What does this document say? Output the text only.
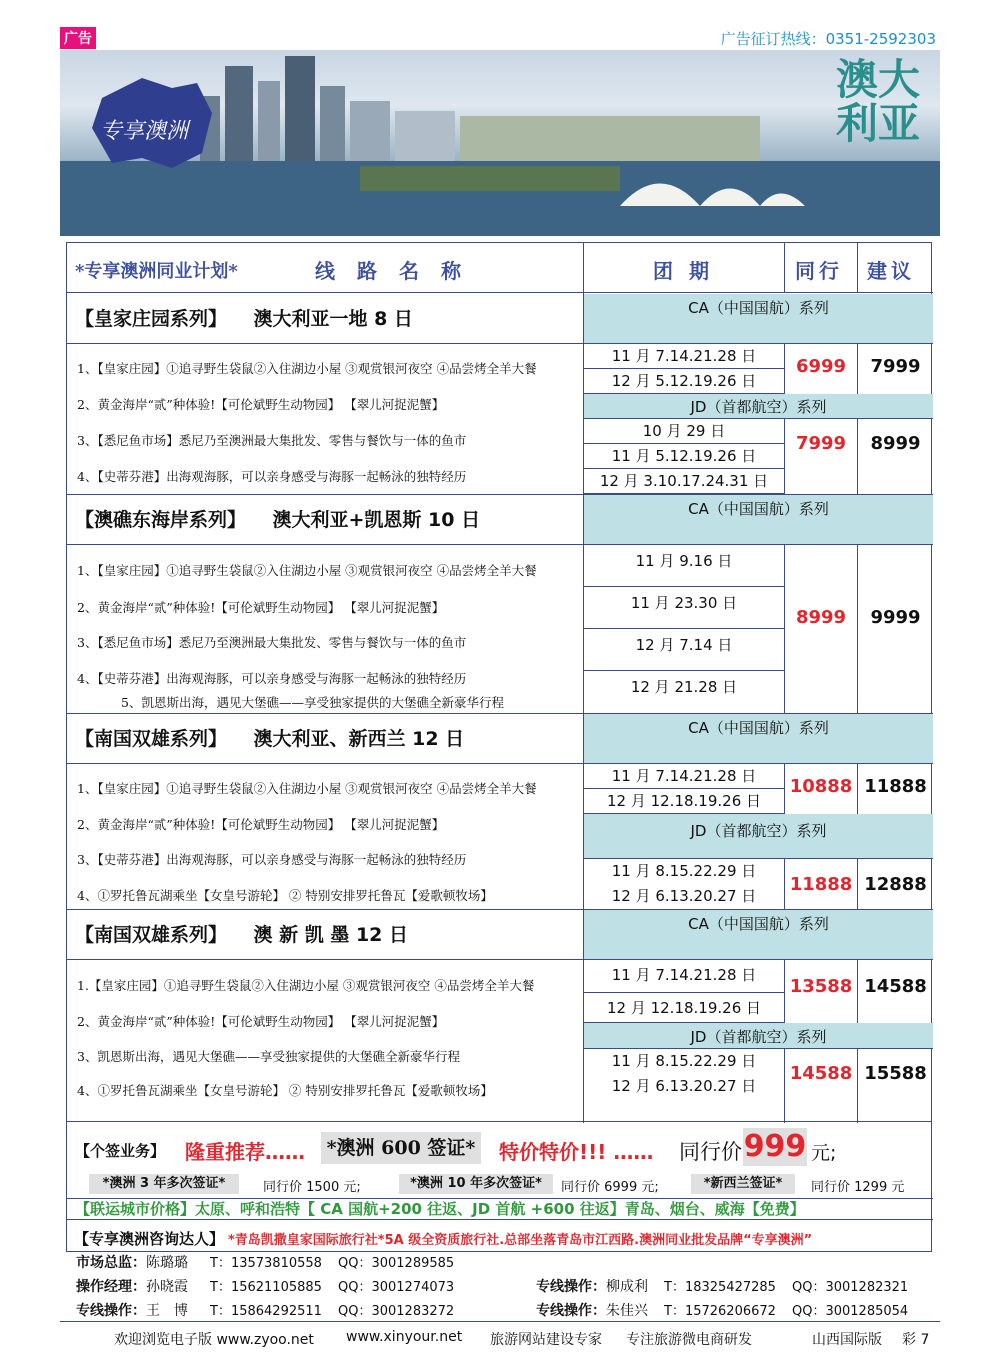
广告	广告征订热线：0351-2592303
专享澳洲
澳大利亚
*专享澳洲同业计划*	线路名称	团期	同行 建议
【皇家庄园系列】 澳大利亚一地 8 日	CA（中国国航）系列
1、【皇家庄园】①追寻野生袋鼠②入住湖边小屋 ③观赏银河夜空 ④品尝烤全羊大餐
2、黄金海岸“贰”种体验!【可伦斌野生动物园】 【翠儿河捉泥蟹】
3、【悉尼鱼市场】悉尼乃至澳洲最大集批发、零售与餐饮与一体的鱼市
4、【史蒂芬港】出海观海豚，可以亲身感受与海豚一起畅泳的独特经历
11 月 7.14.21.28 日
12 月 5.12.19.26 日
6999	7999
JD（首都航空）系列
10 月 29 日
11 月 5.12.19.26 日
12 月 3.10.17.24.31 日
7999	8999
【澳礁东海岸系列】 澳大利亚+凯恩斯 10 日	CA（中国国航）系列
1、【皇家庄园】①追寻野生袋鼠②入住湖边小屋 ③观赏银河夜空 ④品尝烤全羊大餐
2、黄金海岸“贰”种体验!【可伦斌野生动物园】 【翠儿河捉泥蟹】
3、【悉尼鱼市场】悉尼乃至澳洲最大集批发、零售与餐饮与一体的鱼市
4、【史蒂芬港】出海观海豚，可以亲身感受与海豚一起畅泳的独特经历
5、凯恩斯出海，遇见大堡礁——享受独家提供的大堡礁全新豪华行程
11 月 9.16 日
11 月 23.30 日
12 月 7.14 日
12 月 21.28 日
8999	9999
【南国双雄系列】 澳大利亚、新西兰 12 日	CA（中国国航）系列
1、【皇家庄园】①追寻野生袋鼠②入住湖边小屋 ③观赏银河夜空 ④品尝烤全羊大餐
2、黄金海岸“贰”种体验!【可伦斌野生动物园】 【翠儿河捉泥蟹】
3、【史蒂芬港】出海观海豚，可以亲身感受与海豚一起畅泳的独特经历
4、①罗托鲁瓦湖乘坐【女皇号游轮】 ② 特别安排罗托鲁瓦【爱歌顿牧场】
11 月 7.14.21.28 日
12 月 12.18.19.26 日
10888 11888
JD（首都航空）系列
11 月 8.15.22.29 日
12 月 6.13.20.27 日
11888 12888
【南国双雄系列】 澳 新 凯 墨 12 日	CA（中国国航）系列
1.【皇家庄园】①追寻野生袋鼠②入住湖边小屋 ③观赏银河夜空 ④品尝烤全羊大餐
2、黄金海岸“贰”种体验!【可伦斌野生动物园】 【翠儿河捉泥蟹】
3、凯恩斯出海，遇见大堡礁——享受独家提供的大堡礁全新豪华行程
4、①罗托鲁瓦湖乘坐【女皇号游轮】 ② 特别安排罗托鲁瓦【爱歌顿牧场】
11 月 7.14.21.28 日
12 月 12.18.19.26 日
13588 14588
JD（首都航空）系列
11 月 8.15.22.29 日
12 月 6.13.20.27 日
14588 15588
【个签业务】 隆重推荐…… *澳洲 600 签证* 特价特价!!! …… 同行价 999 元;
*澳洲 3 年多次签证*	同行价 1500 元;	*澳洲 10 年多次签证*	同行价 6999 元;	*新西兰签证*	同行价 1299 元
【联运城市价格】太原、呼和浩特【 CA 国航+200 往返、JD 首航 +600 往返】青岛、烟台、威海【免费】
【专享澳洲咨询达人】 *青岛凯撒皇家国际旅行社*5A 级全资质旅行社.总部坐落青岛市江西路.澳洲同业批发品牌“专享澳洲”
市场总监：陈璐璐 T：13573810558 QQ：3001289585
操作经理：孙晓霞 T：15621105885 QQ：3001274073	专线操作：柳成利 T：18325427285 QQ：3001282321
专线操作：王　博 T：15864292511 QQ：3001283272	专线操作：朱佳兴 T：15726206672 QQ：3001285054
欢迎浏览电子版 www.zyoo.net www.xinyour.net 旅游网站建设专家 专注旅游微电商研发	山西国际版 彩 7
